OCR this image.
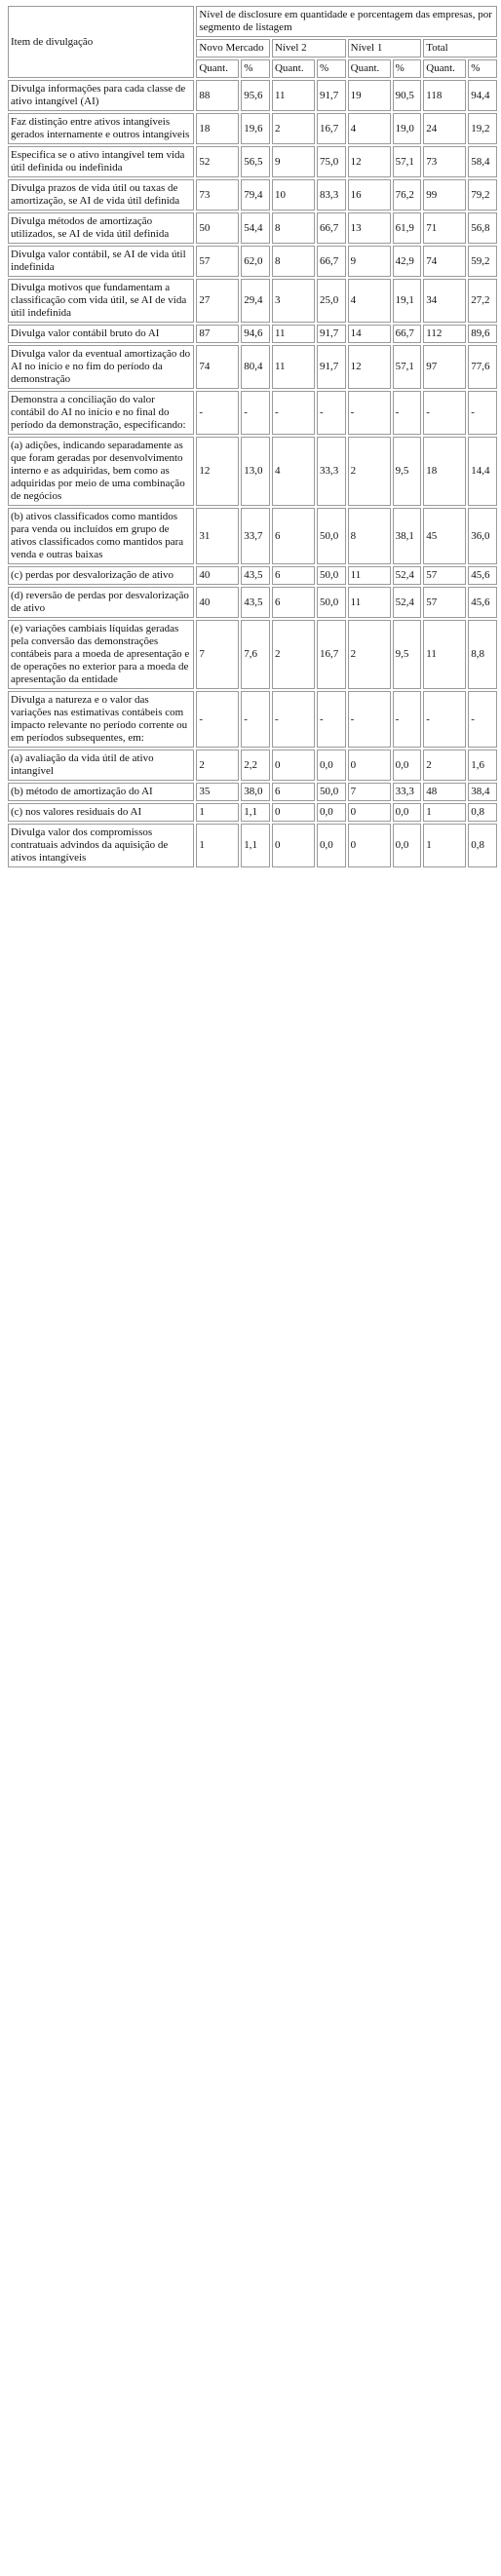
Item de divulgação	Nível de disclosure em quantidade e porcentagem das empresas, por segmento de listagem							
	Novo Mercado		Nível 2		Nível 1		Total	
	Quant.	%	Quant.	%	Quant.	%	Quant.	%
Divulga informações para cada classe de ativo intangível (AI)	88	95,6	11	91,7	19	90,5	118	94,4
Faz distinção entre ativos intangíveis gerados internamente e outros intangíveis	18	19,6	2	16,7	4	19,0	24	19,2
Especifica se o ativo intangível tem vida útil definida ou indefinida	52	56,5	9	75,0	12	57,1	73	58,4
Divulga prazos de vida útil ou taxas de amortização, se AI de vida útil definida	73	79,4	10	83,3	16	76,2	99	79,2
Divulga métodos de amortização utilizados, se AI de vida útil definida	50	54,4	8	66,7	13	61,9	71	56,8
Divulga valor contábil, se AI de vida útil indefinida	57	62,0	8	66,7	9	42,9	74	59,2
Divulga motivos que fundamentam a classificação com vida útil, se AI de vida útil indefinida	27	29,4	3	25,0	4	19,1	34	27,2
Divulga valor contábil bruto do AI	87	94,6	11	91,7	14	66,7	112	89,6
Divulga valor da eventual amortização do AI no início e no fim do período da demonstração	74	80,4	11	91,7	12	57,1	97	77,6
Demonstra a conciliação do valor contábil do AI no início e no final do período da demonstração, especificando:	-	-	-	-	-	-	-	-
(a) adições, indicando separadamente as que foram geradas por desenvolvimento interno e as adquiridas, bem como as adquiridas por meio de uma combinação de negócios	12	13,0	4	33,3	2	9,5	18	14,4
(b) ativos classificados como mantidos para venda ou incluídos em grupo de ativos classificados como mantidos para venda e outras baixas	31	33,7	6	50,0	8	38,1	45	36,0
(c) perdas por desvalorização de ativo	40	43,5	6	50,0	11	52,4	57	45,6
(d) reversão de perdas por desvalorização de ativo	40	43,5	6	50,0	11	52,4	57	45,6
(e) variações cambiais líquidas geradas pela conversão das demonstrações contábeis para a moeda de apresentação e de operações no exterior para a moeda de apresentação da entidade	7	7,6	2	16,7	2	9,5	11	8,8
Divulga a natureza e o valor das variações nas estimativas contábeis com impacto relevante no período corrente ou em períodos subsequentes, em:	-	-	-	-	-	-	-	-
(a) avaliação da vida útil de ativo intangível	2	2,2	0	0,0	0	0,0	2	1,6
(b) método de amortização do AI	35	38,0	6	50,0	7	33,3	48	38,4
(c) nos valores residuais do AI	1	1,1	0	0,0	0	0,0	1	0,8
Divulga valor dos compromissos contratuais advindos da aquisição de ativos intangíveis	1	1,1	0	0,0	0	0,0	1	0,8
